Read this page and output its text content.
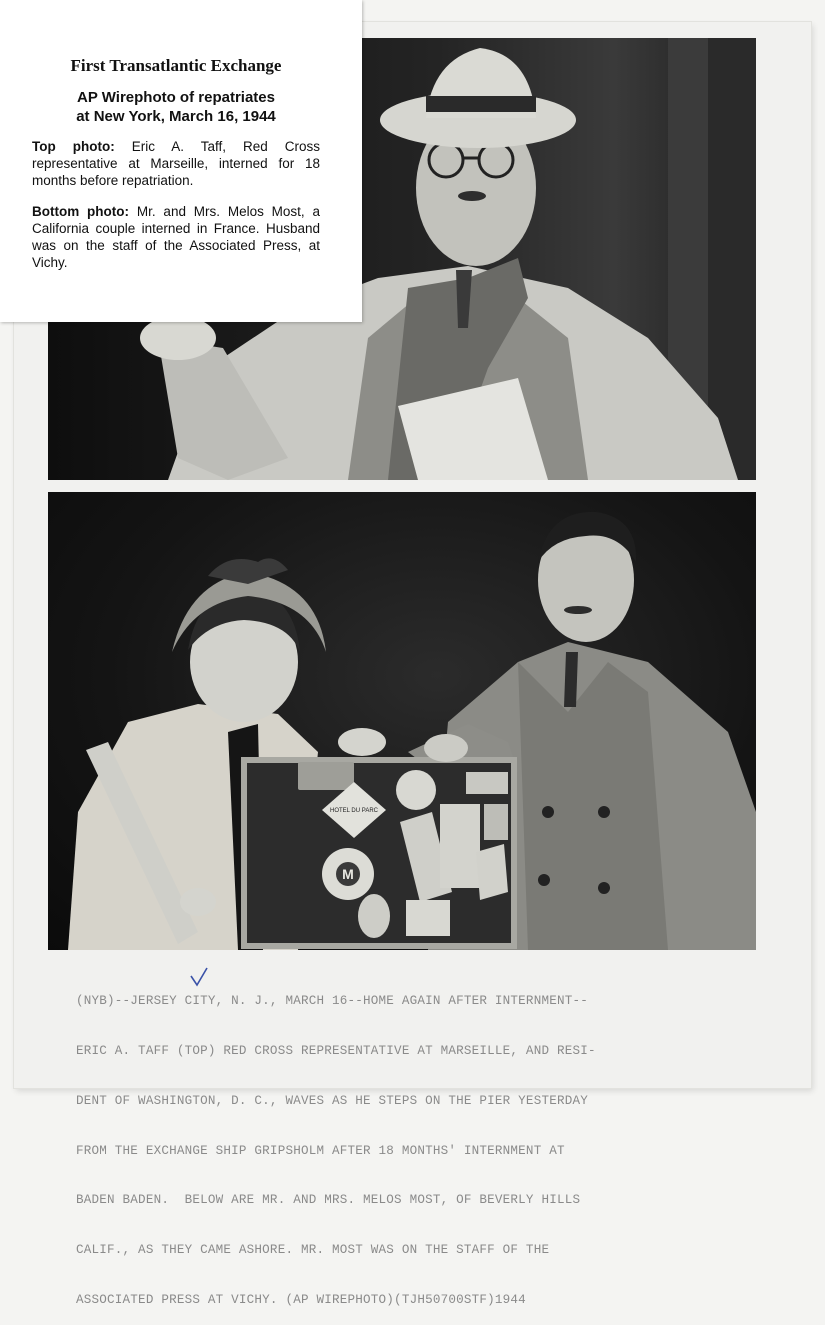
HOTEL DU PARC
M

(NYB)--JERSEY CITY, N. J., MARCH 16--HOME AGAIN AFTER INTERNMENT--

ERIC A. TAFF (TOP) RED CROSS REPRESENTATIVE AT MARSEILLE, AND RESI-

DENT OF WASHINGTON, D. C., WAVES AS HE STEPS ON THE PIER YESTERDAY

FROM THE EXCHANGE SHIP GRIPSHOLM AFTER 18 MONTHS' INTERNMENT AT

BADEN BADEN.  BELOW ARE MR. AND MRS. MELOS MOST, OF BEVERLY HILLS

CALIF., AS THEY CAME ASHORE. MR. MOST WAS ON THE STAFF OF THE

ASSOCIATED PRESS AT VICHY. (AP WIREPHOTO)(TJH50700STF)1944

First Transatlantic Exchange
AP Wirephoto of repatriates
at New York, March 16, 1944
Top photo: Eric A. Taff, Red Cross representative at Marseille, interned for 18 months before repatriation.
Bottom photo: Mr. and Mrs. Melos Most, a California couple interned in France. Husband was on the staff of the Associated Press, at Vichy.
